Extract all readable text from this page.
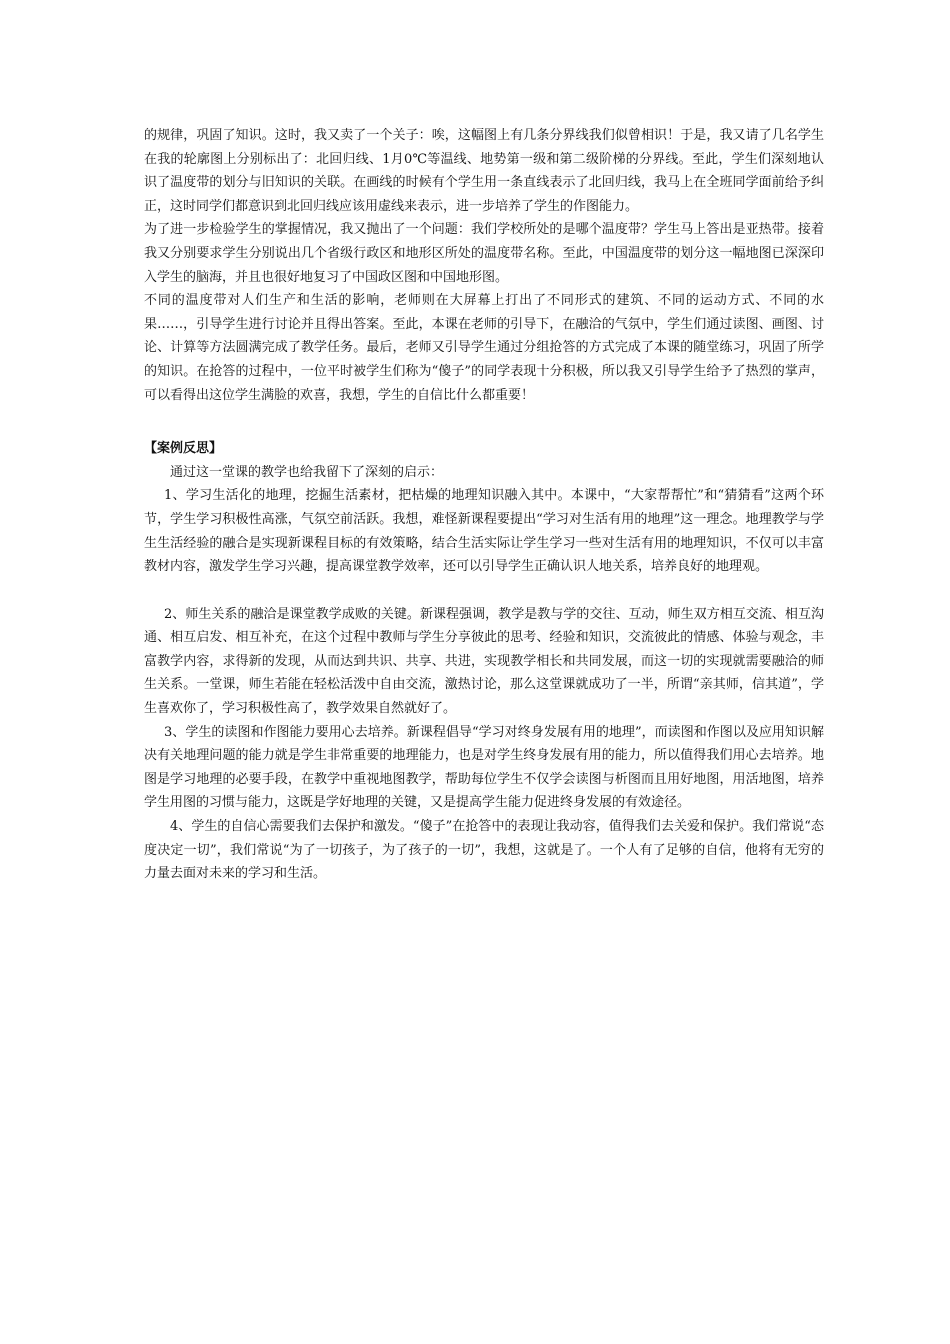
的规律，巩固了知识。这时，我又卖了一个关子：唉，这幅图上有几条分界线我们似曾相识！于是，我又请了几名学生在我的轮廓图上分别标出了：北回归线、1月0℃等温线、地势第一级和第二级阶梯的分界线。至此，学生们深刻地认识了温度带的划分与旧知识的关联。在画线的时候有个学生用一条直线表示了北回归线，我马上在全班同学面前给予纠正，这时同学们都意识到北回归线应该用虚线来表示，进一步培养了学生的作图能力。

为了进一步检验学生的掌握情况，我又抛出了一个问题：我们学校所处的是哪个温度带？学生马上答出是亚热带。接着我又分别要求学生分别说出几个省级行政区和地形区所处的温度带名称。至此，中国温度带的划分这一幅地图已深深印入学生的脑海，并且也很好地复习了中国政区图和中国地形图。

不同的温度带对人们生产和生活的影响，老师则在大屏幕上打出了不同形式的建筑、不同的运动方式、不同的水果……，引导学生进行讨论并且得出答案。至此，本课在老师的引导下，在融洽的气氛中，学生们通过读图、画图、讨论、计算等方法圆满完成了教学任务。最后，老师又引导学生通过分组抢答的方式完成了本课的随堂练习，巩固了所学的知识。在抢答的过程中，一位平时被学生们称为“傻子”的同学表现十分积极，所以我又引导学生给予了热烈的掌声，可以看得出这位学生满脸的欢喜，我想，学生的自信比什么都重要！

【案例反思】

通过这一堂课的教学也给我留下了深刻的启示：

1、学习生活化的地理，挖掘生活素材，把枯燥的地理知识融入其中。本课中，“大家帮帮忙”和“猜猜看”这两个环节，学生学习积极性高涨，气氛空前活跃。我想，难怪新课程要提出“学习对生活有用的地理”这一理念。地理教学与学生生活经验的融合是实现新课程目标的有效策略，结合生活实际让学生学习一些对生活有用的地理知识，不仅可以丰富教材内容，激发学生学习兴趣，提高课堂教学效率，还可以引导学生正确认识人地关系，培养良好的地理观。

2、师生关系的融洽是课堂教学成败的关键。新课程强调，教学是教与学的交往、互动，师生双方相互交流、相互沟通、相互启发、相互补充，在这个过程中教师与学生分享彼此的思考、经验和知识，交流彼此的情感、体验与观念，丰富教学内容，求得新的发现，从而达到共识、共享、共进，实现教学相长和共同发展，而这一切的实现就需要融洽的师生关系。一堂课，师生若能在轻松活泼中自由交流，激热讨论，那么这堂课就成功了一半，所谓“亲其师，信其道”，学生喜欢你了，学习积极性高了，教学效果自然就好了。

3、学生的读图和作图能力要用心去培养。新课程倡导“学习对终身发展有用的地理”，而读图和作图以及应用知识解决有关地理问题的能力就是学生非常重要的地理能力，也是对学生终身发展有用的能力，所以值得我们用心去培养。地图是学习地理的必要手段，在教学中重视地图教学，帮助每位学生不仅学会读图与析图而且用好地图，用活地图，培养学生用图的习惯与能力，这既是学好地理的关键，又是提高学生能力促进终身发展的有效途径。

4、学生的自信心需要我们去保护和激发。“傻子”在抢答中的表现让我动容，值得我们去关爱和保护。我们常说“态度决定一切”，我们常说“为了一切孩子，为了孩子的一切”，我想，这就是了。一个人有了足够的自信，他将有无穷的力量去面对未来的学习和生活。
